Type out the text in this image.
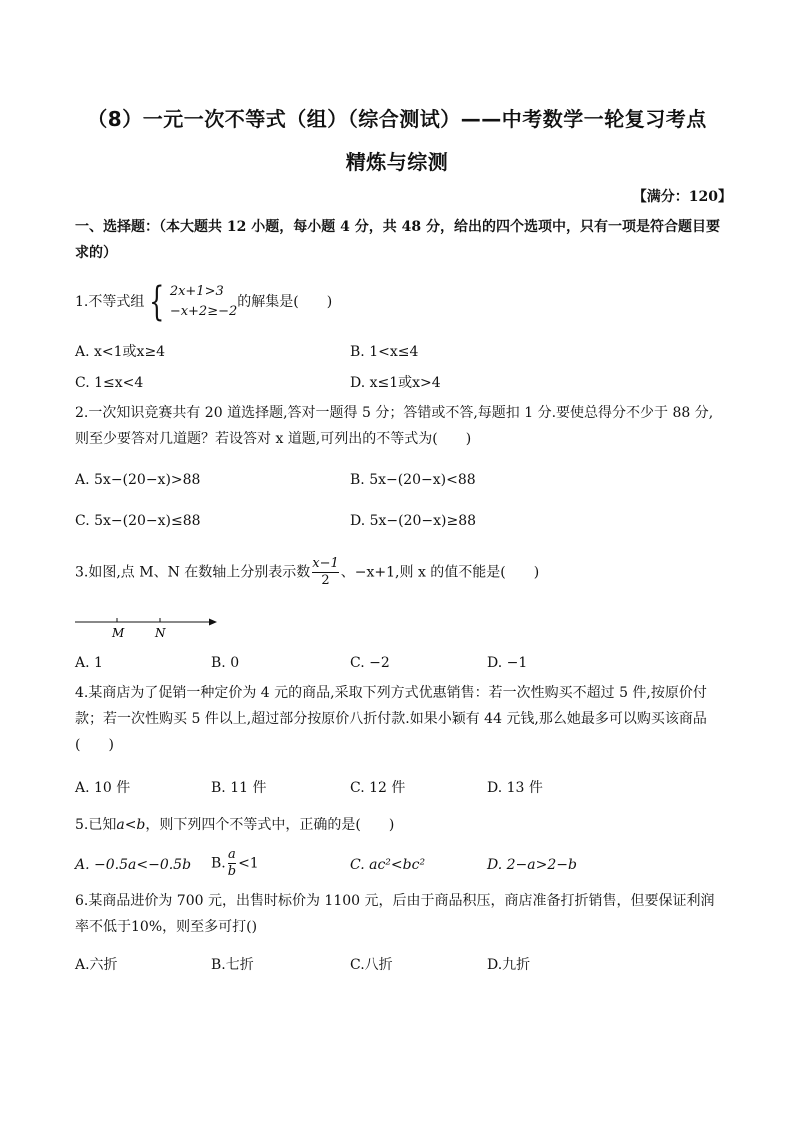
（8）一元一次不等式（组）（综合测试）——中考数学一轮复习考点
精炼与综测
【满分：120】
一、选择题：（本大题共 12 小题，每小题 4 分，共 48 分，给出的四个选项中，只有一项是符合题目要求的）
1.不等式组 { 2x+1>3
−x+2≥−2
的解集是(　　)
A. x<1或x≥4	B. 1<x≤4
C. 1≤x<4	D. x≤1或x>4
2.一次知识竞赛共有 20 道选择题,答对一题得 5 分；答错或不答,每题扣 1 分.要使总得分不少于 88 分,则至少要答对几道题？若设答对 x 道题,可列出的不等式为(　　)
A. 5x−(20−x)>88	B. 5x−(20−x)<88
C. 5x−(20−x)≤88	D. 5x−(20−x)≥88
3.如图,点 M、N 在数轴上分别表示数 $\frac{x-1}{2}$ 、−x+1,则 x 的值不能是(　　)
M	N
A. 1	B. 0	C. −2	D. −1
4.某商店为了促销一种定价为 4 元的商品,采取下列方式优惠销售：若一次性购买不超过 5 件,按原价付款；若一次性购买 5 件以上,超过部分按原价八折付款.如果小颖有 44 元钱,那么她最多可以购买该商品(　　)
A. 10 件	B. 11 件	C. 12 件	D. 13 件
5.已知a<b，则下列四个不等式中，正确的是(　　)
A. −0.5a<−0.5b B. $\frac{a}{b} <1$	C. ac²<bc²	D. 2−a>2−b
6.某商品进价为 700 元，出售时标价为 1100 元，后由于商品积压，商店准备打折销售，但要保证利润率不低于10%，则至多可打()
A.六折	B.七折	C.八折	D.九折
